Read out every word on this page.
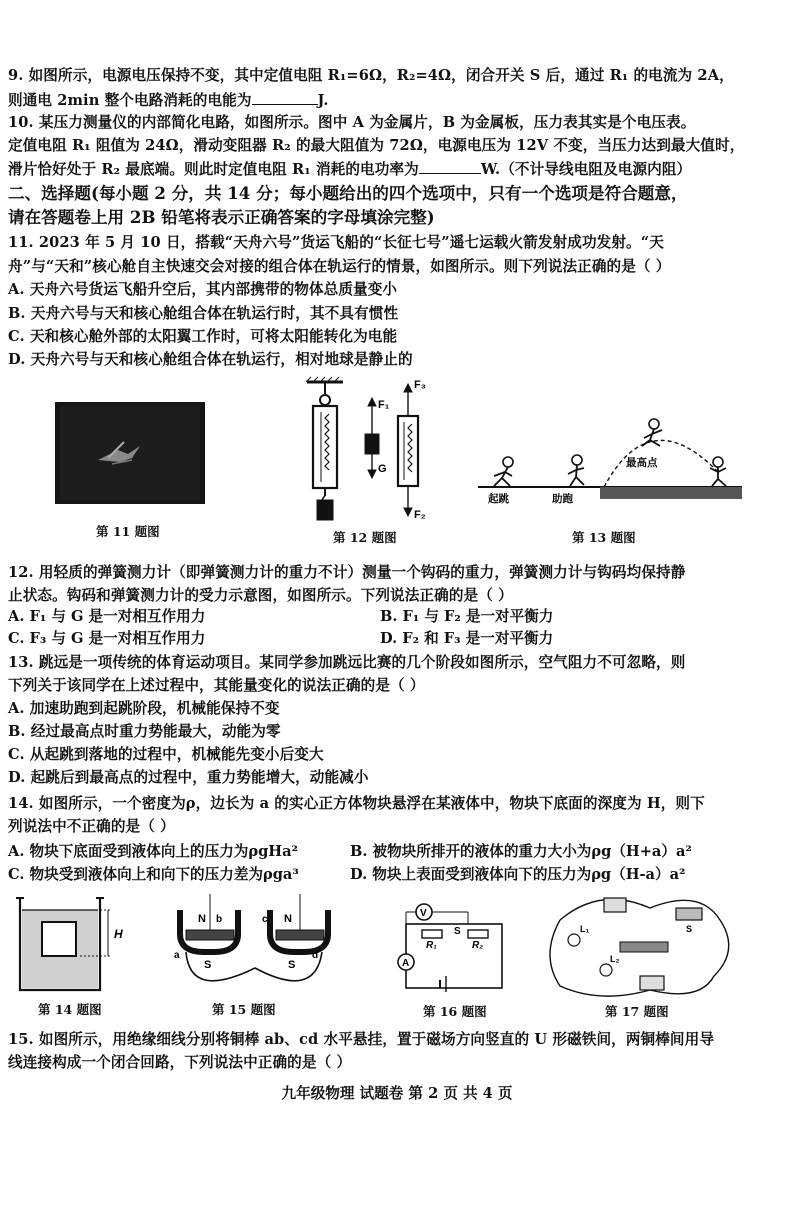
9. 如图所示，电源电压保持不变，其中定值电阻 R₁=6Ω，R₂=4Ω，闭合开关 S 后，通过 R₁ 的电流为 2A，
则通电 2min 整个电路消耗的电能为	J.
10. 某压力测量仪的内部简化电路，如图所示。图中 A 为金属片，B 为金属板，压力表其实是个电压表。
定值电阻 R₁ 阻值为 24Ω，滑动变阻器 R₂ 的最大阻值为 72Ω，电源电压为 12V 不变，当压力达到最大值时，
滑片恰好处于 R₂ 最底端。则此时定值电阻 R₁ 消耗的电功率为	W.（不计导线电阻及电源内阻）
二、选择题(每小题 2 分，共 14 分；每小题给出的四个选项中，只有一个选项是符合题意，
请在答题卷上用 2B 铅笔将表示正确答案的字母填涂完整)
11. 2023 年 5 月 10 日，搭载“天舟六号”货运飞船的“长征七号”遥七运载火箭发射成功发射。“天
舟”与“天和”核心舱自主快速交会对接的组合体在轨运行的情景，如图所示。则下列说法正确的是（ ）
A. 天舟六号货运飞船升空后，其内部携带的物体总质量变小
B. 天舟六号与天和核心舱组合体在轨运行时，其不具有惯性
C. 天和核心舱外部的太阳翼工作时，可将太阳能转化为电能
D. 天舟六号与天和核心舱组合体在轨运行，相对地球是静止的
F₁
G
F₃
F₂
最高点
起跳	助跑
第 11 题图	第 12 题图	第 13 题图
12. 用轻质的弹簧测力计（即弹簧测力计的重力不计）测量一个钩码的重力，弹簧测力计与钩码均保持静
止状态。钩码和弹簧测力计的受力示意图，如图所示。下列说法正确的是（ ）
A. F₁ 与 G 是一对相互作用力	B. F₁ 与 F₂ 是一对平衡力
C. F₃ 与 G 是一对相互作用力	D. F₂ 和 F₃ 是一对平衡力
13. 跳远是一项传统的体育运动项目。某同学参加跳远比赛的几个阶段如图所示，空气阻力不可忽略，则
下列关于该同学在上述过程中，其能量变化的说法正确的是（ ）
A. 加速助跑到起跳阶段，机械能保持不变
B. 经过最高点时重力势能最大，动能为零
C. 从起跳到落地的过程中，机械能先变小后变大
D. 起跳后到最高点的过程中，重力势能增大，动能减小
14. 如图所示，一个密度为ρ，边长为 a 的实心正方体物块悬浮在某液体中，物块下底面的深度为 H，则下
列说法中不正确的是（ ）
A. 物块下底面受到液体向上的压力为ρgHa²	B. 被物块所排开的液体的重力大小为ρg（H+a）a²
C. 物块受到液体向上和向下的压力差为ρga³	D. 物块上表面受到液体向下的压力为ρg（H-a）a²
H
N	N
S	S
a
b	c
d
V
A
R₁	R₂
S	L₁
L₂
S
第 14 题图	第 15 题图	第 16 题图	第 17 题图
15. 如图所示，用绝缘细线分别将铜棒 ab、cd 水平悬挂，置于磁场方向竖直的 U 形磁铁间，两铜棒间用导
线连接构成一个闭合回路，下列说法中正确的是（ ）
九年级物理 试题卷 第 2 页 共 4 页
